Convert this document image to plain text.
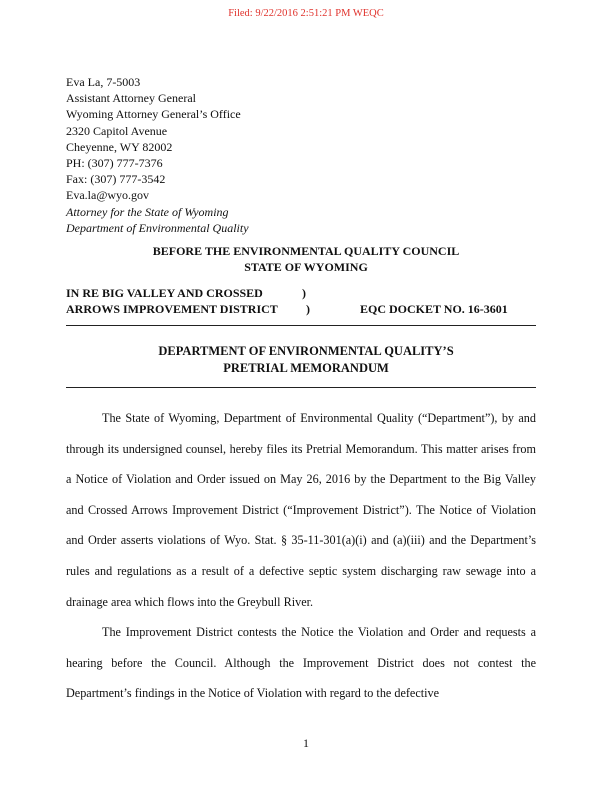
Filed: 9/22/2016 2:51:21 PM WEQC
Eva La, 7-5003
Assistant Attorney General
Wyoming Attorney General’s Office
2320 Capitol Avenue
Cheyenne, WY 82002
PH: (307) 777-7376
Fax: (307) 777-3542
Eva.la@wyo.gov
Attorney for the State of Wyoming
Department of Environmental Quality
BEFORE THE ENVIRONMENTAL QUALITY COUNCIL
STATE OF WYOMING
IN RE BIG VALLEY AND CROSSED	)
ARROWS IMPROVEMENT DISTRICT )	EQC DOCKET NO. 16-3601
DEPARTMENT OF ENVIRONMENTAL QUALITY’S
PRETRIAL MEMORANDUM

The State of Wyoming, Department of Environmental Quality (“Department”), by and through its undersigned counsel, hereby files its Pretrial Memorandum. This matter arises from a Notice of Violation and Order issued on May 26, 2016 by the Department to the Big Valley and Crossed Arrows Improvement District (“Improvement District”). The Notice of Violation and Order asserts violations of Wyo. Stat. § 35-11-301(a)(i) and (a)(iii) and the Department’s rules and regulations as a result of a defective septic system discharging raw sewage into a drainage area which flows into the Greybull River.

The Improvement District contests the Notice the Violation and Order and requests a hearing before the Council. Although the Improvement District does not contest the Department’s findings in the Notice of Violation with regard to the defective

1
